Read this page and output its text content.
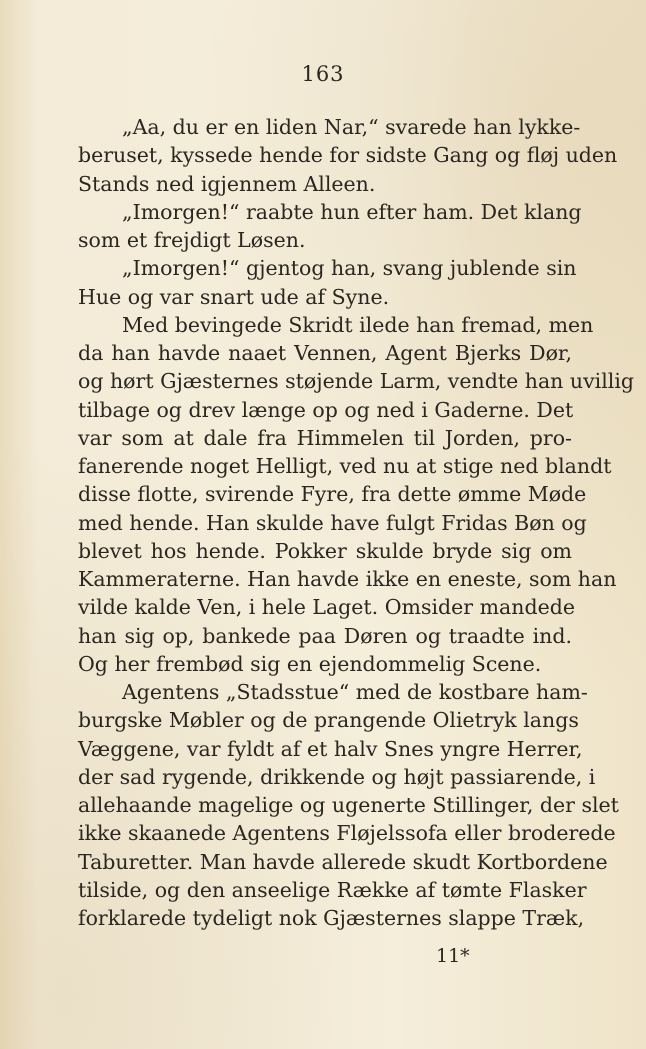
163
„Aa, du er en liden Nar,“ svarede han lykke-
beruset, kyssede hende for sidste Gang og fløj uden
Stands ned igjennem Alleen.
„Imorgen!“ raabte hun efter ham. Det klang
som et frejdigt Løsen.
„Imorgen!“ gjentog han, svang jublende sin
Hue og var snart ude af Syne.
Med bevingede Skridt ilede han fremad, men
da han havde naaet Vennen, Agent Bjerks Dør,
og hørt Gjæsternes støjende Larm, vendte han uvillig
tilbage og drev længe op og ned i Gaderne. Det
var som at dale fra Himmelen til Jorden, pro-
fanerende noget Helligt, ved nu at stige ned blandt
disse flotte, svirende Fyre, fra dette ømme Møde
med hende. Han skulde have fulgt Fridas Bøn og
blevet hos hende. Pokker skulde bryde sig om
Kammeraterne. Han havde ikke en eneste, som han
vilde kalde Ven, i hele Laget. Omsider mandede
han sig op, bankede paa Døren og traadte ind.
Og her frembød sig en ejendommelig Scene.
Agentens „Stadsstue“ med de kostbare ham-
burgske Møbler og de prangende Olietryk langs
Væggene, var fyldt af et halv Snes yngre Herrer,
der sad rygende, drikkende og højt passiarende, i
allehaande magelige og ugenerte Stillinger, der slet
ikke skaanede Agentens Fløjelssofa eller broderede
Taburetter. Man havde allerede skudt Kortbordene
tilside, og den anseelige Række af tømte Flasker
forklarede tydeligt nok Gjæsternes slappe Træk,
11*
